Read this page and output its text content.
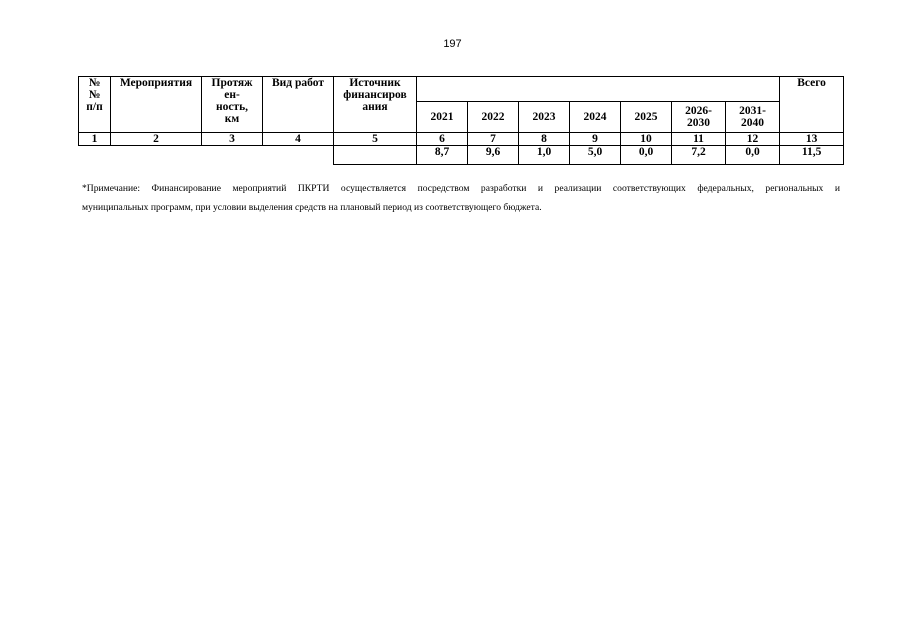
197
№ № п/п	Мероприятия	Протяж ен- ность, км	Вид работ	Источник финансиров ания								Всего
					2021	2022	2023	2024	2025	2026-2030	2031-2040	
1	2	3	4	5	6	7	8	9	10	11	12	13
					8,7	9,6	1,0	5,0	0,0	7,2	0,0	11,5
*Примечание: Финансирование мероприятий ПКРТИ осуществляется посредством разработки и реализации соответствующих федеральных, региональных и
муниципальных программ, при условии выделения средств на плановый период из соответствующего бюджета.
